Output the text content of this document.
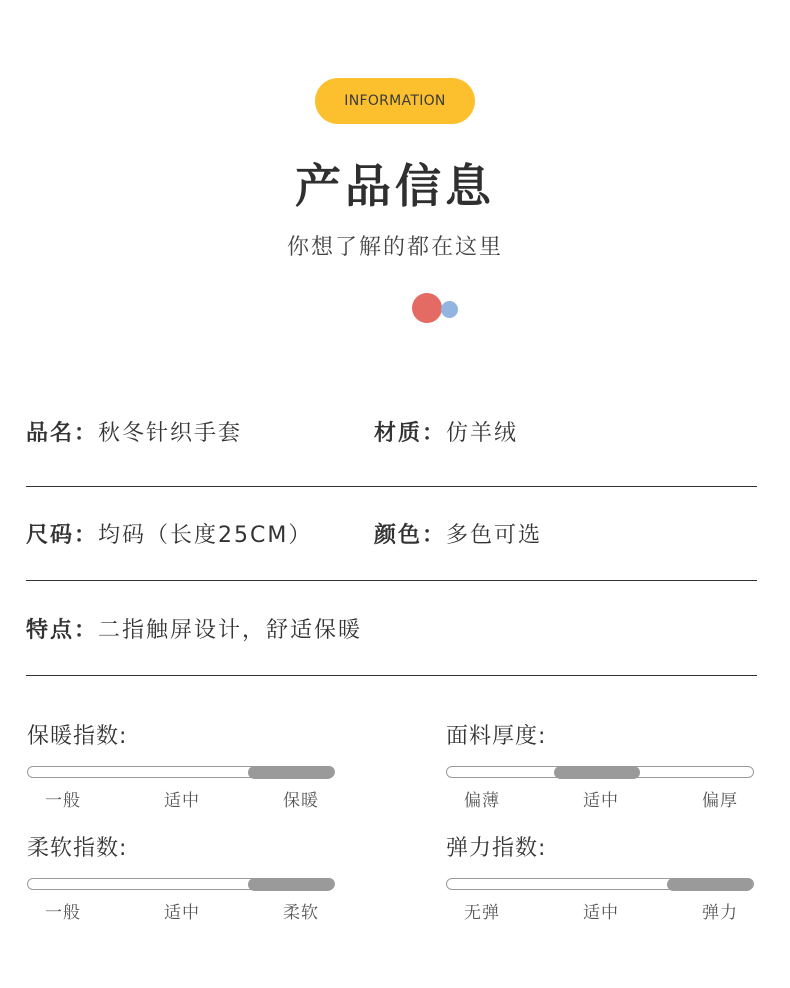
INFORMATION
产品信息
你想了解的都在这里
品名：秋冬针织手套	材质：仿羊绒
尺码：均码（长度25CM）	颜色：多色可选
特点：二指触屏设计，舒适保暖
保暖指数:
一般	适中	保暖
面料厚度:
偏薄	适中	偏厚
柔软指数:
一般	适中	柔软
弹力指数:
无弹	适中	弹力
